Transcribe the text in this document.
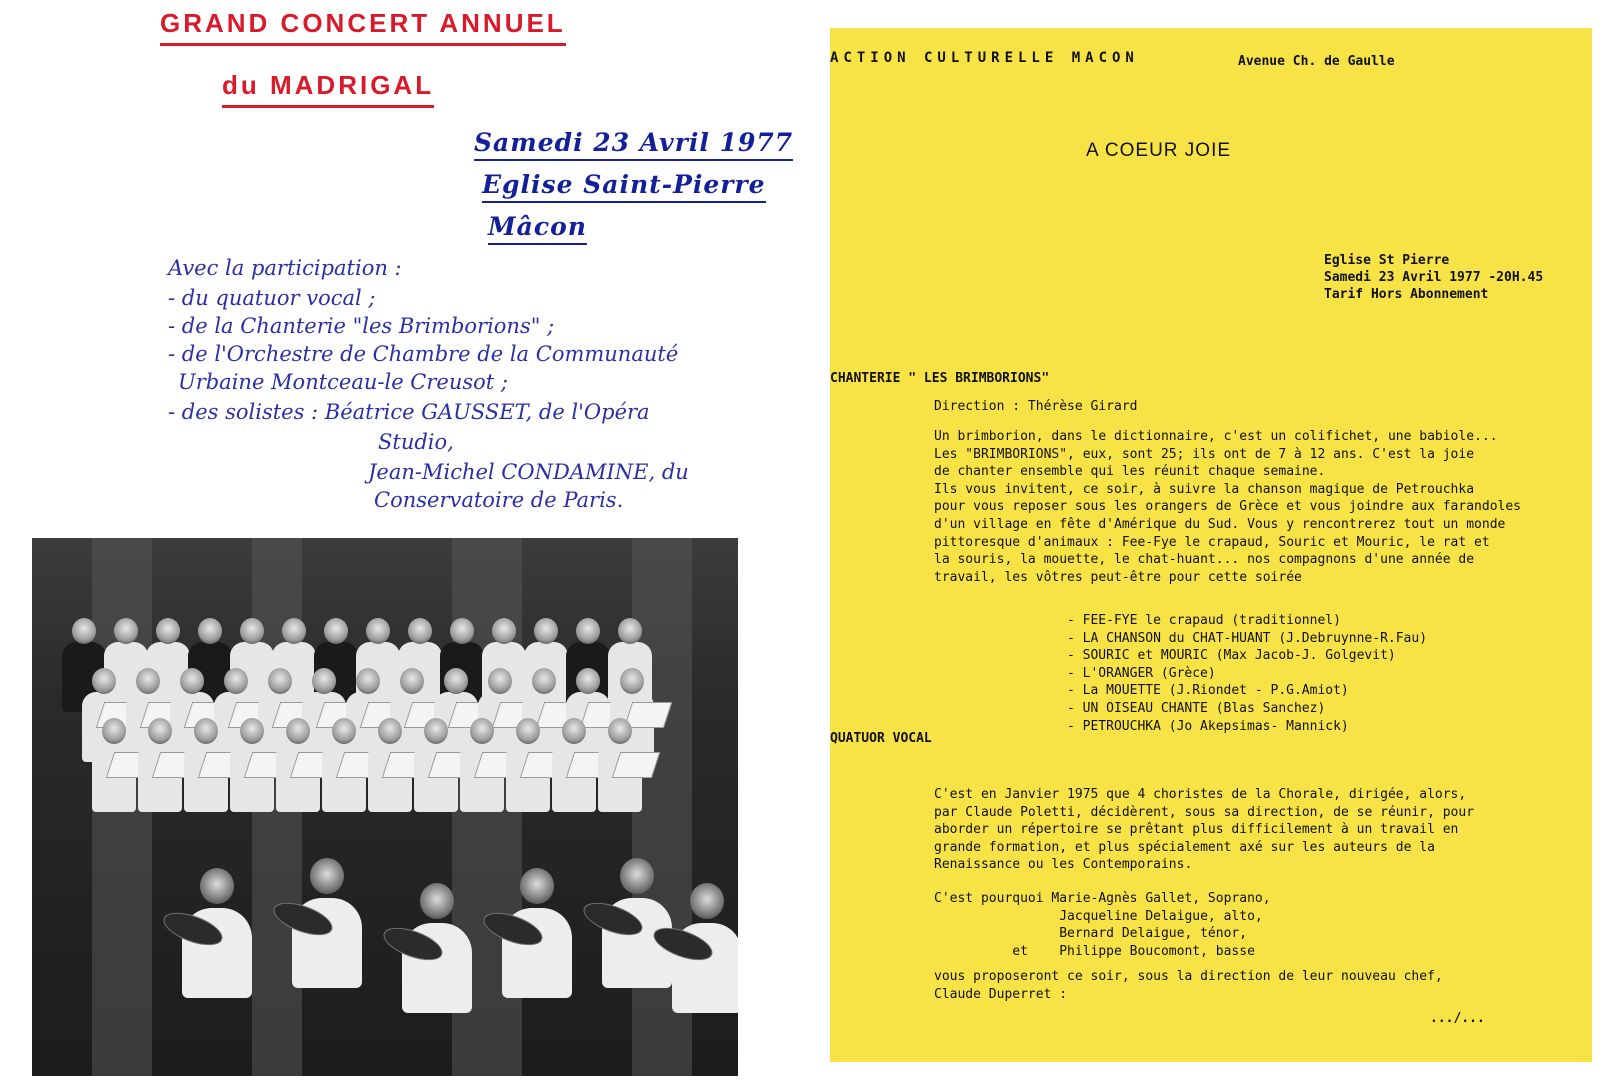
GRAND CONCERT ANNUEL
du MADRIGAL
Samedi 23 Avril 1977
Eglise Saint-Pierre
Mâcon
Avec la participation :
- du quatuor vocal ;
- de la Chanterie "les Brimborions" ;
- de l'Orchestre de Chambre de la Communauté
Urbaine Montceau-le Creusot ;
- des solistes : Béatrice GAUSSET, de l'Opéra
Studio,
Jean-Michel CONDAMINE, du
Conservatoire de Paris.
ACTION CULTURELLE MACON	Avenue Ch. de Gaulle
A COEUR JOIE
Eglise St Pierre
Samedi 23 Avril 1977 -20H.45
Tarif Hors Abonnement
CHANTERIE " LES BRIMBORIONS"
Direction : Thérèse Girard
Un brimborion, dans le dictionnaire, c'est un colifichet, une babiole...
Les "BRIMBORIONS", eux, sont 25; ils ont de 7 à 12 ans. C'est la joie
de chanter ensemble qui les réunit chaque semaine.
Ils vous invitent, ce soir, à suivre la chanson magique de Petrouchka
pour vous reposer sous les orangers de Grèce et vous joindre aux farandoles
d'un village en fête d'Amérique du Sud. Vous y rencontrerez tout un monde
pittoresque d'animaux : Fee-Fye le crapaud, Souric et Mouric, le rat et
la souris, la mouette, le chat-huant... nos compagnons d'une année de
travail, les vôtres peut-être pour cette soirée
- FEE-FYE le crapaud (traditionnel)
- LA CHANSON du CHAT-HUANT (J.Debruynne-R.Fau)
- SOURIC et MOURIC (Max Jacob-J. Golgevit)
- L'ORANGER (Grèce)
- La MOUETTE (J.Riondet - P.G.Amiot)
- UN OISEAU CHANTE (Blas Sanchez)
- PETROUCHKA (Jo Akepsimas- Mannick)
QUATUOR VOCAL
C'est en Janvier 1975 que 4 choristes de la Chorale, dirigée, alors,
par Claude Poletti, décidèrent, sous sa direction, de se réunir, pour
aborder un répertoire se prêtant plus difficilement à un travail en
grande formation, et plus spécialement axé sur les auteurs de la
Renaissance ou les Contemporains.
C'est pourquoi Marie-Agnès Gallet, Soprano,
Jacqueline Delaigue, alto,
Bernard Delaigue, ténor,
et    Philippe Boucomont, basse
vous proposeront ce soir, sous la direction de leur nouveau chef,
Claude Duperret :
.../...
